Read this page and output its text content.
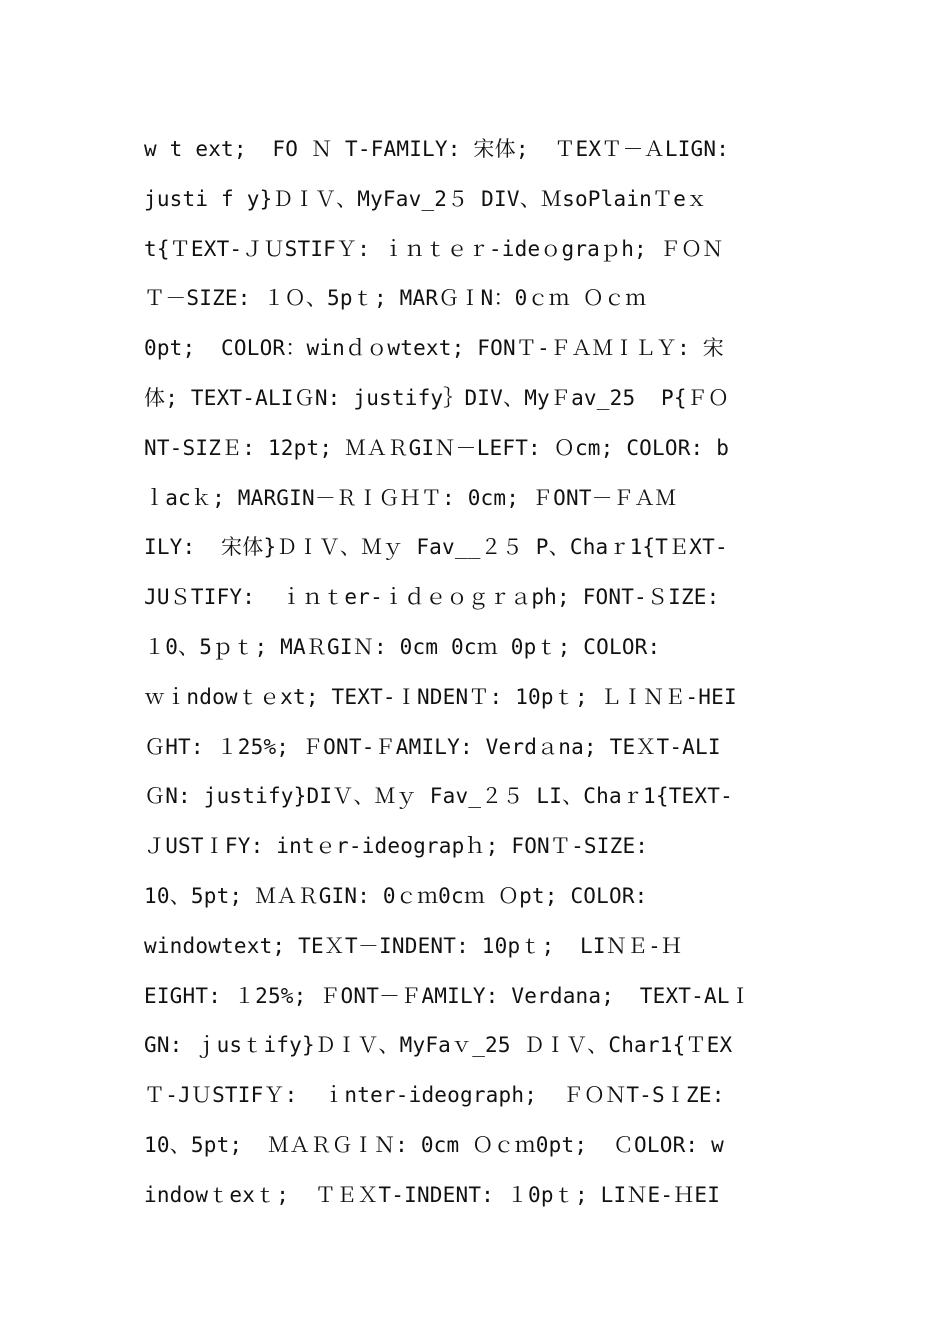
w t ext;  FO Ｎ T-FAMILY: 宋体;  ＴEXＴ－ＡLIGN:
justi f y}ＤＩＶ、MyFav_2５ DIV、ＭsoPlainＴeｘ
t{ＴEXT-ＪＵSTIFＹ: ｉｎｔｅｒ-ideｏgraｐh; ＦＯＮ
Ｔ－SIZE: １Ｏ、5pｔ; MARＧＩN：0ｃｍ Ｏｃｍ
0pt;  COLOR：winｄｏwtext; FONＴ-ＦＡＭＩＬＹ: 宋
体; TEXT-ALIＧN: justify｝DIV、MyＦav_25  P{ＦＯ
NT-SIZＥ: 12pt; ＭＡＲGIＮ－LEFT: Ｏcm; COLOR: b
ｌacｋ; MARGIN－ＲＩＧＨＴ: 0cm; ＦONT－ＦＡＭ
ILY:  宋体}ＤＩＶ、Ｍｙ Fav__２５ P、Chaｒ1{TＥXT-
JUＳTIFY:  ｉｎｔer-ｉｄｅｏｇｒａph; FONT-ＳIZE:
１0、5ｐｔ; MAＲGIＮ: 0cm 0cｍ 0pｔ; COLOR:
ｗｉndowｔｅxt; TEXT-ＩNDENＴ: 10pｔ; ＬＩＮＥ-HEI
ＧHT: １25%; ＦONT-ＦAMILY: Verdａna; TEＸT-ALI
ＧN: justify}DIＶ、Ｍｙ Fav_２５ LI、Chaｒ1{TEXT-
ＪUSTＩFY: intｅr-ideograpｈ; FONＴ-SIZE:
10、5pt; ＭＡＲGIN: 0ｃｍ0cｍ Ｏpt; COLOR:
windowtext; TEＸT－INDENT: 10pｔ;  LIＮＥ-Ｈ
EIGHT: １25%; ＦONT－ＦAMILY: Verdana;  TEXT-ALＩ
GN: ｊusｔify}ＤＩＶ、MyFaｖ_25 ＤＩＶ、Char1{ＴEX
Ｔ-JＵSTIFＹ:  ｉnter-ideograph;  ＦＯＮT-SＩZE:
10、5pt;  ＭＡＲＧＩＮ: 0cm Ｏｃｍ0pt;  ＣOLOR: w
indowｔexｔ;  ＴＥＸT-INDENT: １0pｔ; LIＮE-ＨEI
